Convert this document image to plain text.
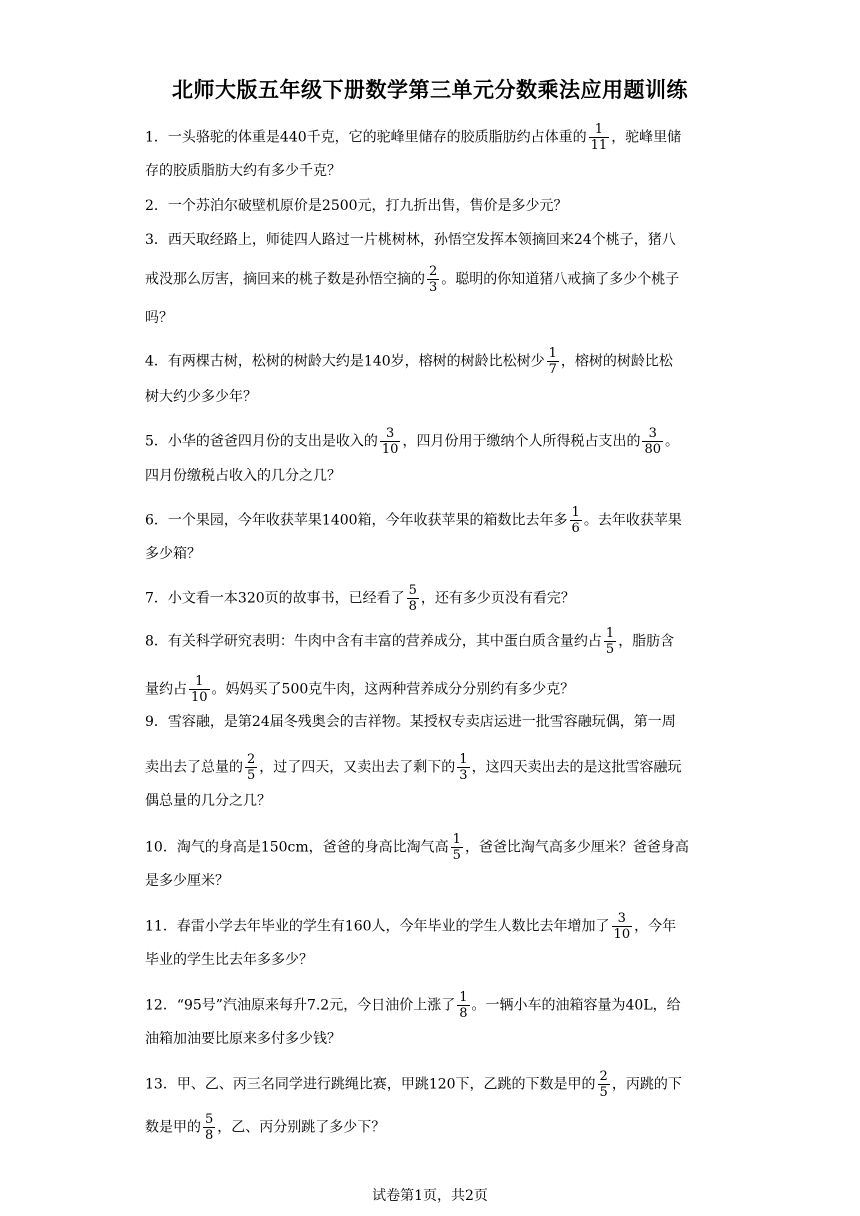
北师大版五年级下册数学第三单元分数乘法应用题训练
1．一头骆驼的体重是440千克，它的驼峰里储存的胶质脂肪约占体重的 $\frac{1}{11}$ ，驼峰里储
存的胶质脂肪大约有多少千克？
2．一个苏泊尔破壁机原价是2500元，打九折出售，售价是多少元？
3．西天取经路上，师徒四人路过一片桃树林，孙悟空发挥本领摘回来24个桃子，猪八
戒没那么厉害，摘回来的桃子数是孙悟空摘的 $\frac{2}{3}$ 。聪明的你知道猪八戒摘了多少个桃子
吗？
4．有两棵古树，松树的树龄大约是140岁，榕树的树龄比松树少 $\frac{1}{7}$ ，榕树的树龄比松
树大约少多少年？
5．小华的爸爸四月份的支出是收入的 $\frac{3}{10}$ ，四月份用于缴纳个人所得税占支出的 $\frac{3}{80}$ 。
四月份缴税占收入的几分之几？
6．一个果园，今年收获苹果1400箱，今年收获苹果的箱数比去年多 $\frac{1}{6}$ 。去年收获苹果
多少箱？
7．小文看一本320页的故事书，已经看了 $\frac{5}{8}$ ，还有多少页没有看完？
8．有关科学研究表明：牛肉中含有丰富的营养成分，其中蛋白质含量约占 $\frac{1}{5}$ ，脂肪含
量约占 $\frac{1}{10}$ 。妈妈买了500克牛肉，这两种营养成分分别约有多少克？
9．雪容融，是第24届冬残奥会的吉祥物。某授权专卖店运进一批雪容融玩偶，第一周
卖出去了总量的 $\frac{2}{5}$ ，过了四天，又卖出去了剩下的 $\frac{1}{3}$ ，这四天卖出去的是这批雪容融玩
偶总量的几分之几？
10．淘气的身高是150cm，爸爸的身高比淘气高 $\frac{1}{5}$ ，爸爸比淘气高多少厘米？爸爸身高
是多少厘米？
11．春雷小学去年毕业的学生有160人，今年毕业的学生人数比去年增加了 $\frac{3}{10}$ ，今年
毕业的学生比去年多多少？
12．“95号”汽油原来每升7.2元，今日油价上涨了 $\frac{1}{8}$ 。一辆小车的油箱容量为40L，给
油箱加油要比原来多付多少钱？
13．甲、乙、丙三名同学进行跳绳比赛，甲跳120下，乙跳的下数是甲的 $\frac{2}{5}$ ，丙跳的下
数是甲的 $\frac{5}{8}$ ，乙、丙分别跳了多少下？
试卷第1页，共2页
